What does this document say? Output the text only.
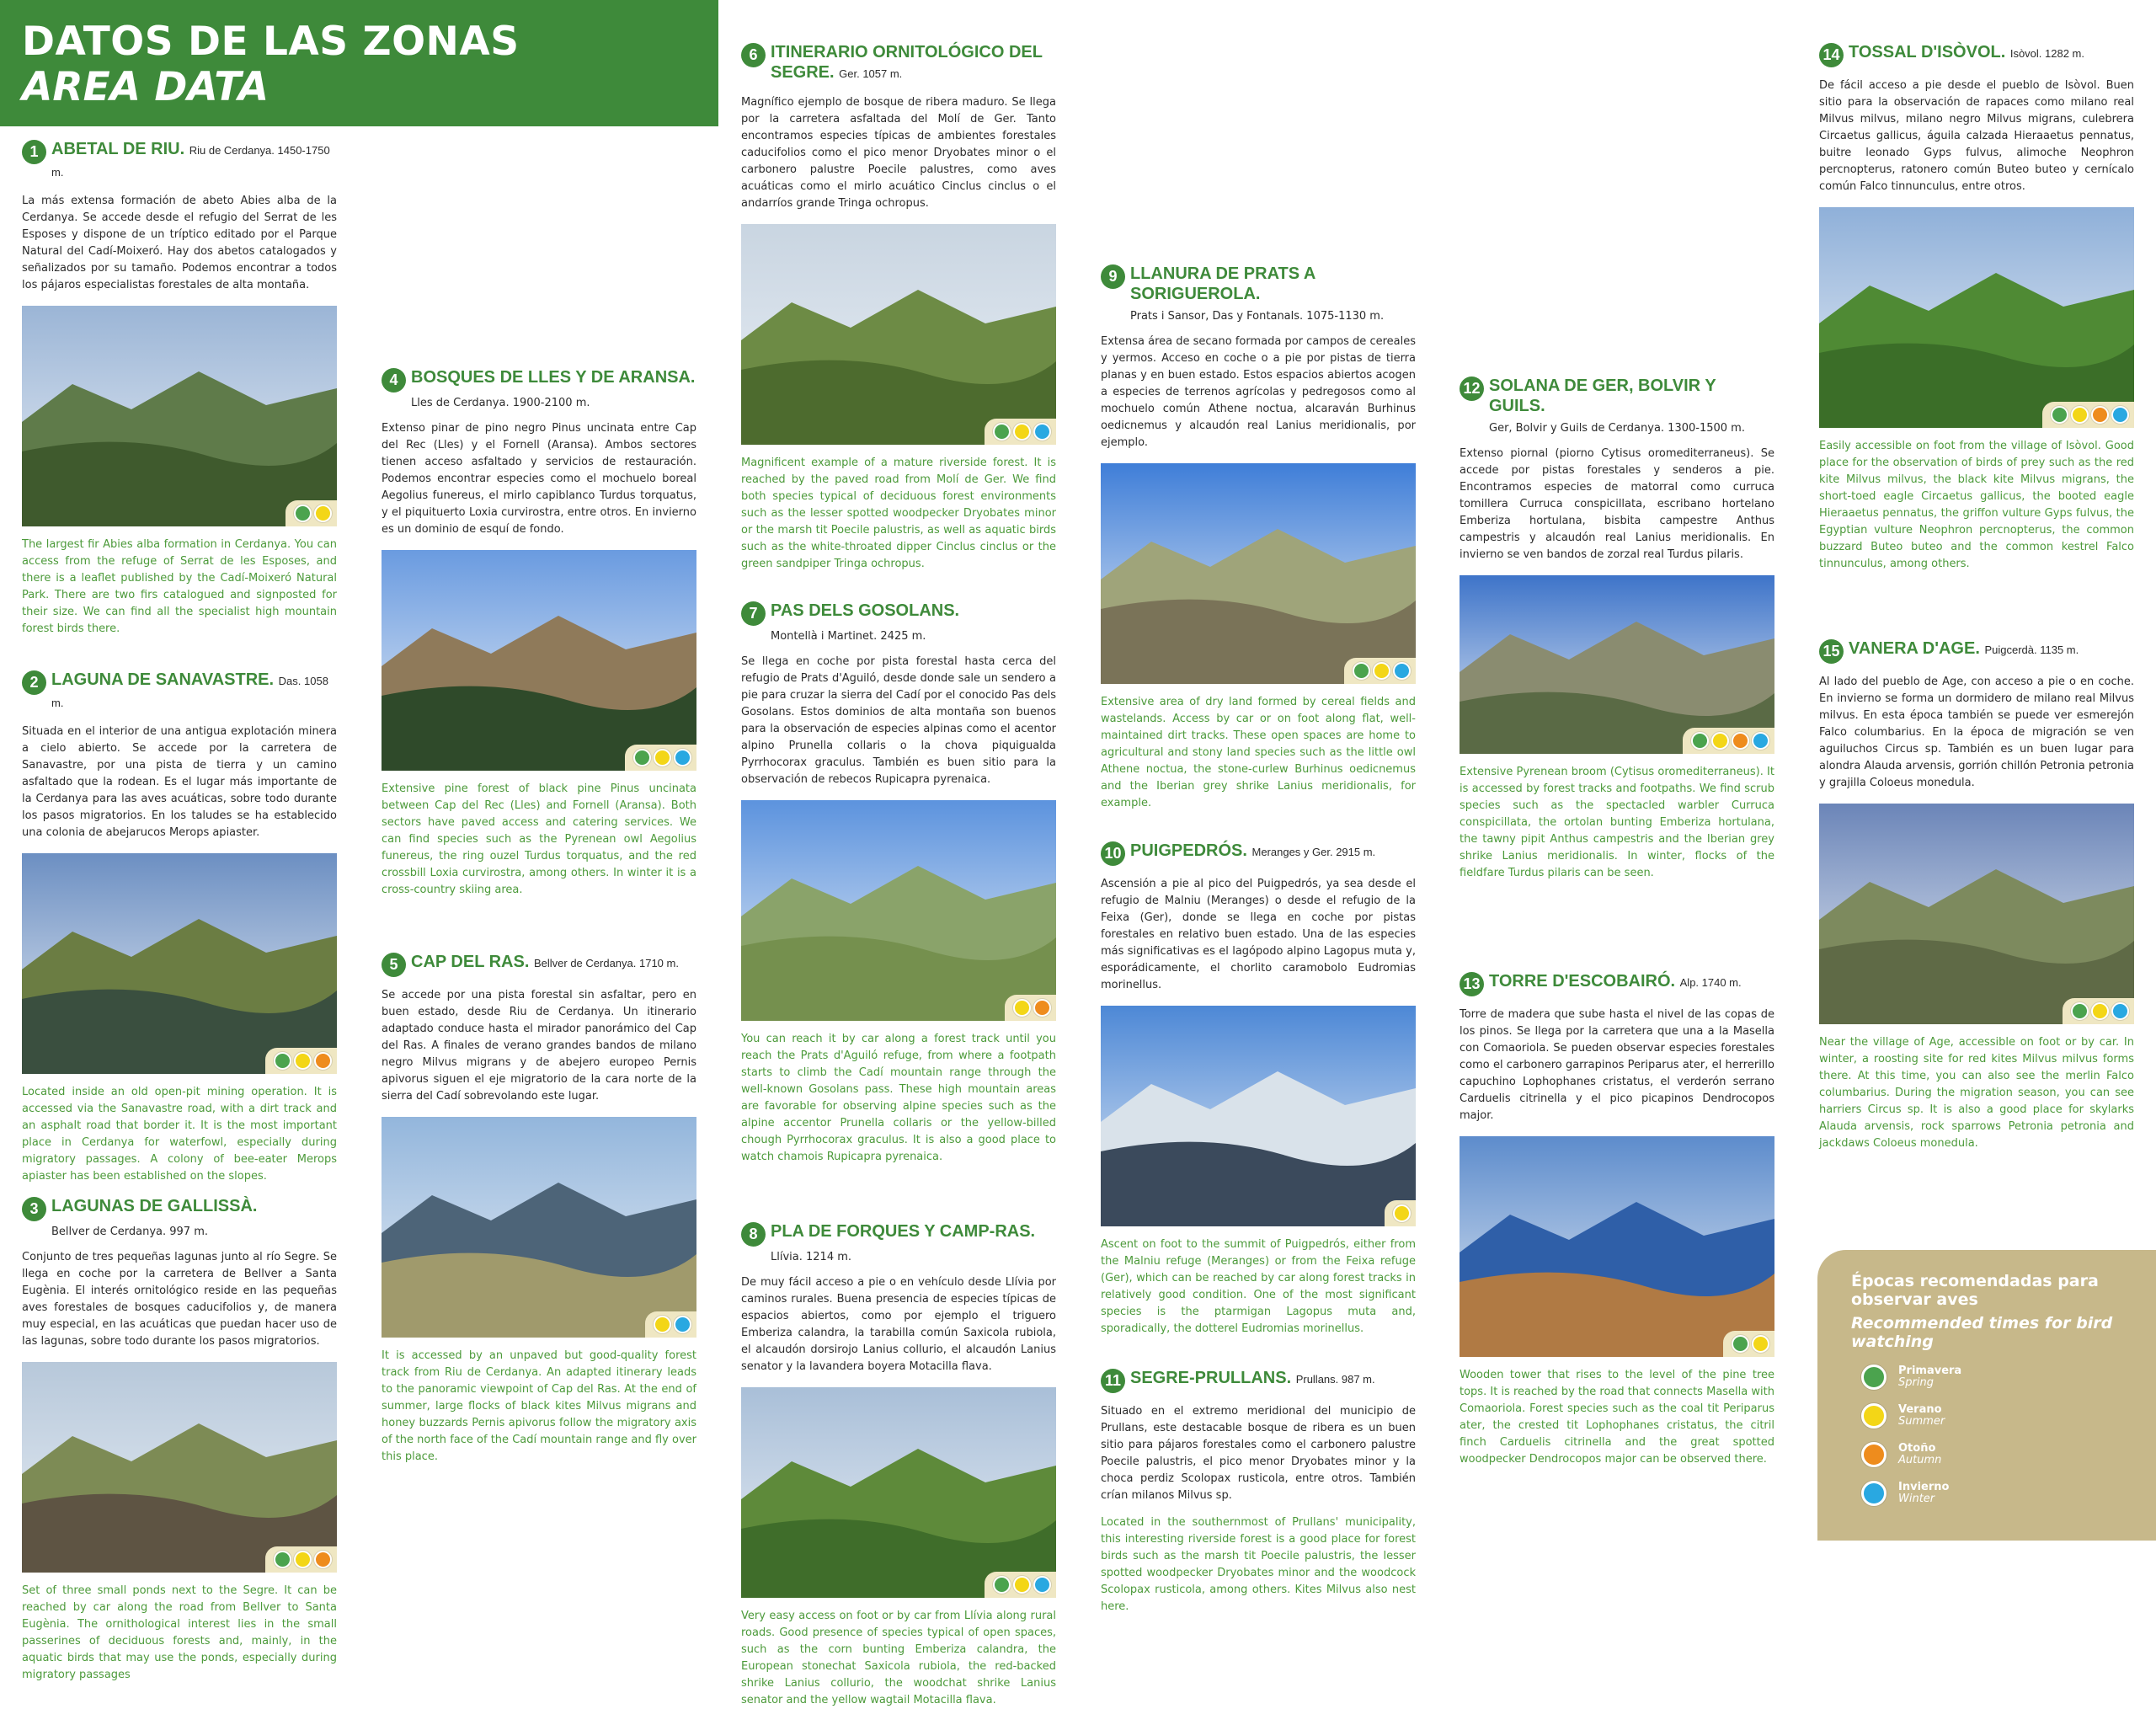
DATOS DE LAS ZONAS
AREA DATA
1 ABETAL DE RIU. Riu de Cerdanya. 1450-1750 m.
La más extensa formación de abeto Abies alba de la Cerdanya. Se accede desde el refugio del Serrat de les Esposes y dispone de un tríptico editado por el Parque Natural del Cadí-Moixeró. Hay dos abetos catalogados y señalizados por su tamaño. Podemos encontrar a todos los pájaros especialistas forestales de alta montaña.
The largest fir Abies alba formation in Cerdanya. You can access from the refuge of Serrat de les Esposes, and there is a leaflet published by the Cadí-Moixeró Natural Park. There are two firs catalogued and signposted for their size. We can find all the specialist high mountain forest birds there.
2 LAGUNA DE SANAVASTRE. Das. 1058 m.
Situada en el interior de una antigua explotación minera a cielo abierto. Se accede por la carretera de Sanavastre, por una pista de tierra y un camino asfaltado que la rodean. Es el lugar más importante de la Cerdanya para las aves acuáticas, sobre todo durante los pasos migratorios. En los taludes se ha establecido una colonia de abejarucos Merops apiaster.
Located inside an old open-pit mining operation. It is accessed via the Sanavastre road, with a dirt track and an asphalt road that border it. It is the most important place in Cerdanya for waterfowl, especially during migratory passages. A colony of bee-eater Merops apiaster has been established on the slopes.
3 LAGUNAS DE GALLISSÀ.
Bellver de Cerdanya. 997 m.
Conjunto de tres pequeñas lagunas junto al río Segre. Se llega en coche por la carretera de Bellver a Santa Eugènia. El interés ornitológico reside en las pequeñas aves forestales de bosques caducifolios y, de manera muy especial, en las acuáticas que puedan hacer uso de las lagunas, sobre todo durante los pasos migratorios.
Set of three small ponds next to the Segre. It can be reached by car along the road from Bellver to Santa Eugènia. The ornithological interest lies in the small passerines of deciduous forests and, mainly, in the aquatic birds that may use the ponds, especially during migratory passages
4 BOSQUES DE LLES Y DE ARANSA.
Lles de Cerdanya. 1900-2100 m.
Extenso pinar de pino negro Pinus uncinata entre Cap del Rec (Lles) y el Fornell (Aransa). Ambos sectores tienen acceso asfaltado y servicios de restauración. Podemos encontrar especies como el mochuelo boreal Aegolius funereus, el mirlo capiblanco Turdus torquatus, y el piquituerto Loxia curvirostra, entre otros. En invierno es un dominio de esquí de fondo.
Extensive pine forest of black pine Pinus uncinata between Cap del Rec (Lles) and Fornell (Aransa). Both sectors have paved access and catering services. We can find species such as the Pyrenean owl Aegolius funereus, the ring ouzel Turdus torquatus, and the red crossbill Loxia curvirostra, among others. In winter it is a cross-country skiing area.
5 CAP DEL RAS. Bellver de Cerdanya. 1710 m.
Se accede por una pista forestal sin asfaltar, pero en buen estado, desde Riu de Cerdanya. Un itinerario adaptado conduce hasta el mirador panorámico del Cap del Ras. A finales de verano grandes bandos de milano negro Milvus migrans y de abejero europeo Pernis apivorus siguen el eje migratorio de la cara norte de la sierra del Cadí sobrevolando este lugar.
It is accessed by an unpaved but good-quality forest track from Riu de Cerdanya. An adapted itinerary leads to the panoramic viewpoint of Cap del Ras. At the end of summer, large flocks of black kites Milvus migrans and honey buzzards Pernis apivorus follow the migratory axis of the north face of the Cadí mountain range and fly over this place.
6 ITINERARIO ORNITOLÓGICO DEL SEGRE. Ger. 1057 m.
Magnífico ejemplo de bosque de ribera maduro. Se llega por la carretera asfaltada del Molí de Ger. Tanto encontramos especies típicas de ambientes forestales caducifolios como el pico menor Dryobates minor o el carbonero palustre Poecile palustres, como aves acuáticas como el mirlo acuático Cinclus cinclus o el andarríos grande Tringa ochropus.
Magnificent example of a mature riverside forest. It is reached by the paved road from Molí de Ger. We find both species typical of deciduous forest environments such as the lesser spotted woodpecker Dryobates minor or the marsh tit Poecile palustris, as well as aquatic birds such as the white-throated dipper Cinclus cinclus or the green sandpiper Tringa ochropus.
7 PAS DELS GOSOLANS.
Montellà i Martinet. 2425 m.
Se llega en coche por pista forestal hasta cerca del refugio de Prats d'Aguiló, desde donde sale un sendero a pie para cruzar la sierra del Cadí por el conocido Pas dels Gosolans. Estos dominios de alta montaña son buenos para la observación de especies alpinas como el acentor alpino Prunella collaris o la chova piquigualda Pyrrhocorax graculus. También es buen sitio para la observación de rebecos Rupicapra pyrenaica.
You can reach it by car along a forest track until you reach the Prats d'Aguiló refuge, from where a footpath starts to climb the Cadí mountain range through the well-known Gosolans pass. These high mountain areas are favorable for observing alpine species such as the alpine accentor Prunella collaris or the yellow-billed chough Pyrrhocorax graculus. It is also a good place to watch chamois Rupicapra pyrenaica.
8 PLA DE FORQUES Y CAMP-RAS.
Llívia. 1214 m.
De muy fácil acceso a pie o en vehículo desde Llívia por caminos rurales. Buena presencia de especies típicas de espacios abiertos, como por ejemplo el triguero Emberiza calandra, la tarabilla común Saxicola rubiola, el alcaudón dorsirojo Lanius collurio, el alcaudón Lanius senator y la lavandera boyera Motacilla flava.
Very easy access on foot or by car from Llívia along rural roads. Good presence of species typical of open spaces, such as the corn bunting Emberiza calandra, the European stonechat Saxicola rubiola, the red-backed shrike Lanius collurio, the woodchat shrike Lanius senator and the yellow wagtail Motacilla flava.
9 LLANURA DE PRATS A SORIGUEROLA.
Prats i Sansor, Das y Fontanals. 1075-1130 m.
Extensa área de secano formada por campos de cereales y yermos. Acceso en coche o a pie por pistas de tierra planas y en buen estado. Estos espacios abiertos acogen a especies de terrenos agrícolas y pedregosos como al mochuelo común Athene noctua, alcaraván Burhinus oedicnemus y alcaudón real Lanius meridionalis, por ejemplo.
Extensive area of dry land formed by cereal fields and wastelands. Access by car or on foot along flat, well-maintained dirt tracks. These open spaces are home to agricultural and stony land species such as the little owl Athene noctua, the stone-curlew Burhinus oedicnemus and the Iberian grey shrike Lanius meridionalis, for example.
10 PUIGPEDRÓS. Meranges y Ger. 2915 m.
Ascensión a pie al pico del Puigpedrós, ya sea desde el refugio de Malniu (Meranges) o desde el refugio de la Feixa (Ger), donde se llega en coche por pistas forestales en relativo buen estado. Una de las especies más significativas es el lagópodo alpino Lagopus muta y, esporádicamente, el chorlito caramobolo Eudromias morinellus.
Ascent on foot to the summit of Puigpedrós, either from the Malniu refuge (Meranges) or from the Feixa refuge (Ger), which can be reached by car along forest tracks in relatively good condition. One of the most significant species is the ptarmigan Lagopus muta and, sporadically, the dotterel Eudromias morinellus.
11 SEGRE-PRULLANS. Prullans. 987 m.
Situado en el extremo meridional del municipio de Prullans, este destacable bosque de ribera es un buen sitio para pájaros forestales como el carbonero palustre Poecile palustris, el pico menor Dryobates minor y la choca perdiz Scolopax rusticola, entre otros. También crían milanos Milvus sp.
Located in the southernmost of Prullans' municipality, this interesting riverside forest is a good place for forest birds such as the marsh tit Poecile palustris, the lesser spotted woodpecker Dryobates minor and the woodcock Scolopax rusticola, among others. Kites Milvus also nest here.
12 SOLANA DE GER, BOLVIR Y GUILS.
Ger, Bolvir y Guils de Cerdanya. 1300-1500 m.
Extenso piornal (piorno Cytisus oromediterraneus). Se accede por pistas forestales y senderos a pie. Encontramos especies de matorral como curruca tomillera Curruca conspicillata, escribano hortelano Emberiza hortulana, bisbita campestre Anthus campestris y alcaudón real Lanius meridionalis. En invierno se ven bandos de zorzal real Turdus pilaris.
Extensive Pyrenean broom (Cytisus oromediterraneus). It is accessed by forest tracks and footpaths. We find scrub species such as the spectacled warbler Curruca conspicillata, the ortolan bunting Emberiza hortulana, the tawny pipit Anthus campestris and the Iberian grey shrike Lanius meridionalis. In winter, flocks of the fieldfare Turdus pilaris can be seen.
13 TORRE D'ESCOBAIRÓ. Alp. 1740 m.
Torre de madera que sube hasta el nivel de las copas de los pinos. Se llega por la carretera que una a la Masella con Comaoriola. Se pueden observar especies forestales como el carbonero garrapinos Periparus ater, el herrerillo capuchino Lophophanes cristatus, el verderón serrano Carduelis citrinella y el pico picapinos Dendrocopos major.
Wooden tower that rises to the level of the pine tree tops. It is reached by the road that connects Masella with Comaoriola. Forest species such as the coal tit Periparus ater, the crested tit Lophophanes cristatus, the citril finch Carduelis citrinella and the great spotted woodpecker Dendrocopos major can be observed there.
14 TOSSAL D'ISÒVOL. Isòvol. 1282 m.
De fácil acceso a pie desde el pueblo de Isòvol. Buen sitio para la observación de rapaces como milano real Milvus milvus, milano negro Milvus migrans, culebrera Circaetus gallicus, águila calzada Hieraaetus pennatus, buitre leonado Gyps fulvus, alimoche Neophron percnopterus, ratonero común Buteo buteo y cernícalo común Falco tinnunculus, entre otros.
Easily accessible on foot from the village of Isòvol. Good place for the observation of birds of prey such as the red kite Milvus milvus, the black kite Milvus migrans, the short-toed eagle Circaetus gallicus, the booted eagle Hieraaetus pennatus, the griffon vulture Gyps fulvus, the Egyptian vulture Neophron percnopterus, the common buzzard Buteo buteo and the common kestrel Falco tinnunculus, among others.
15 VANERA D'AGE. Puigcerdà. 1135 m.
Al lado del pueblo de Age, con acceso a pie o en coche. En invierno se forma un dormidero de milano real Milvus milvus. En esta época también se puede ver esmerejón Falco columbarius. En la época de migración se ven aguiluchos Circus sp. También es un buen lugar para alondra Alauda arvensis, gorrión chillón Petronia petronia y grajilla Coloeus monedula.
Near the village of Age, accessible on foot or by car. In winter, a roosting site for red kites Milvus milvus forms there. At this time, you can also see the merlin Falco columbarius. During the migration season, you can see harriers Circus sp. It is also a good place for skylarks Alauda arvensis, rock sparrows Petronia petronia and jackdaws Coloeus monedula.
Épocas recomendadas para observar aves
Recommended times for bird watching
Primavera
Spring
Verano
Summer
Otoño
Autumn
Invierno
Winter
